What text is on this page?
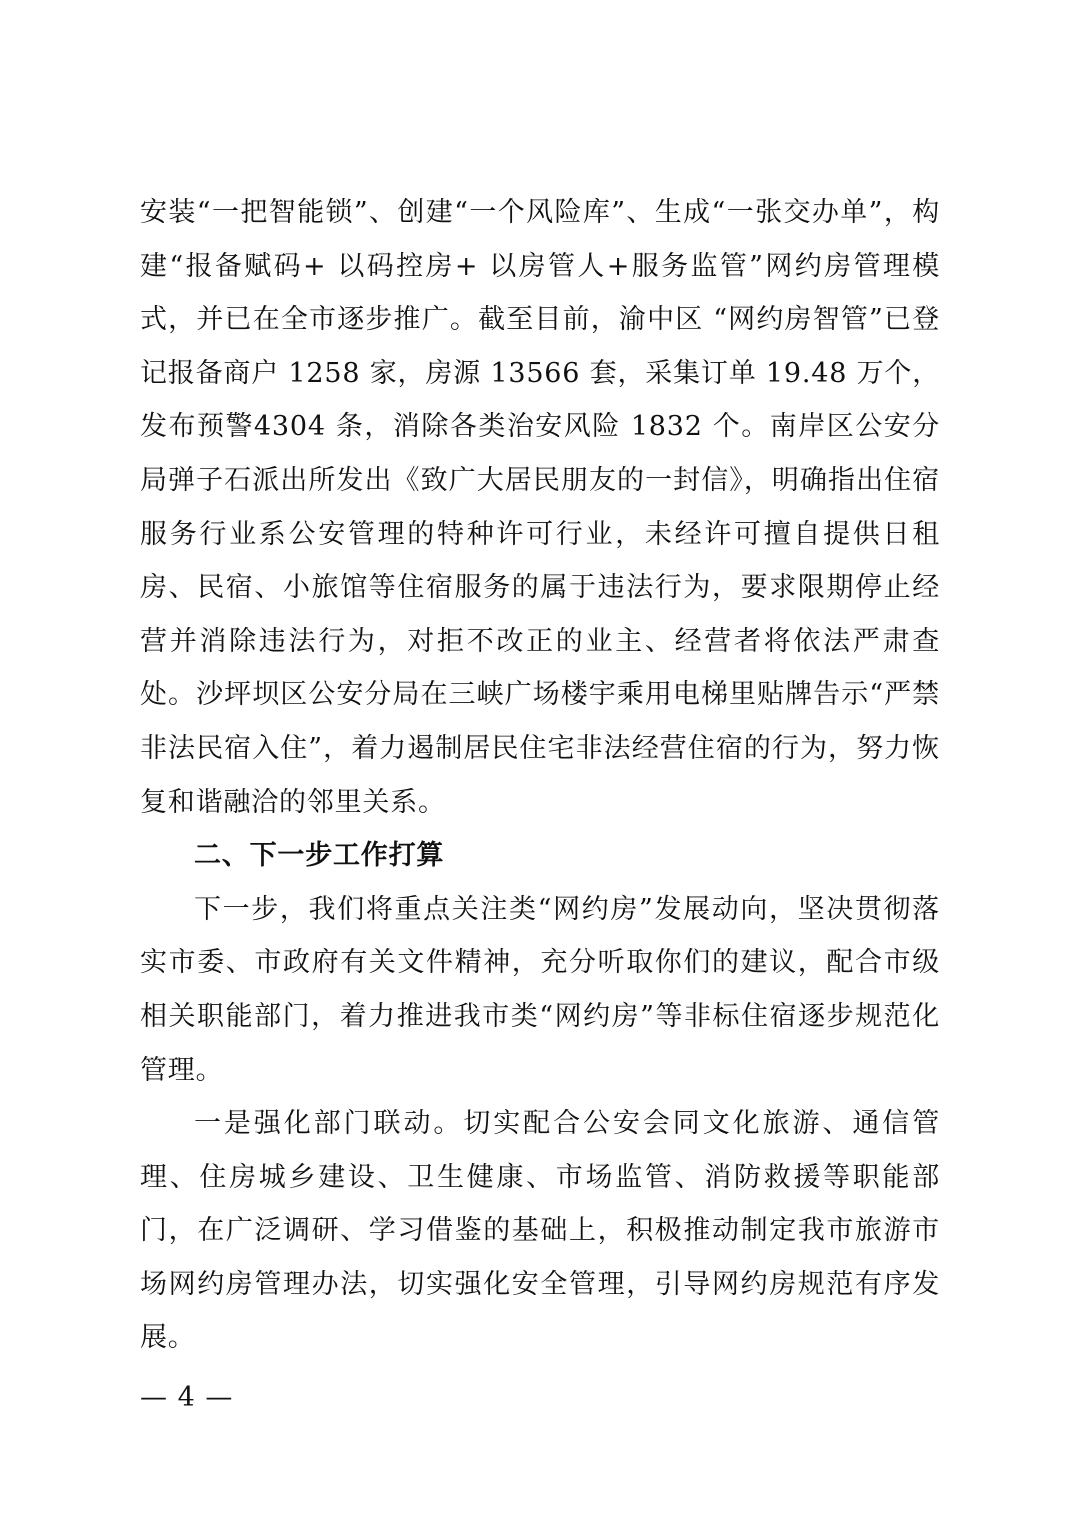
安装“一把智能锁”、创建“一个风险库”、生成“一张交办单”，构建“报备赋码+ 以码控房+ 以房管人+服务监管”网约房管理模式，并已在全市逐步推广。截至目前，渝中区 “网约房智管”已登记报备商户 1258 家，房源 13566 套，采集订单 19.48 万个，发布预警4304 条，消除各类治安风险 1832 个。南岸区公安分局弹子石派出所发出《致广大居民朋友的一封信》，明确指出住宿服务行业系公安管理的特种许可行业，未经许可擅自提供日租房、民宿、小旅馆等住宿服务的属于违法行为，要求限期停止经营并消除违法行为，对拒不改正的业主、经营者将依法严肃查处。沙坪坝区公安分局在三峡广场楼宇乘用电梯里贴牌告示“严禁非法民宿入住”，着力遏制居民住宅非法经营住宿的行为，努力恢复和谐融洽的邻里关系。

二、下一步工作打算

下一步，我们将重点关注类“网约房”发展动向，坚决贯彻落实市委、市政府有关文件精神，充分听取你们的建议，配合市级相关职能部门，着力推进我市类“网约房”等非标住宿逐步规范化管理。

一是强化部门联动。切实配合公安会同文化旅游、通信管理、住房城乡建设、卫生健康、市场监管、消防救援等职能部门，在广泛调研、学习借鉴的基础上，积极推动制定我市旅游市场网约房管理办法，切实强化安全管理，引导网约房规范有序发展。

— 4 —
